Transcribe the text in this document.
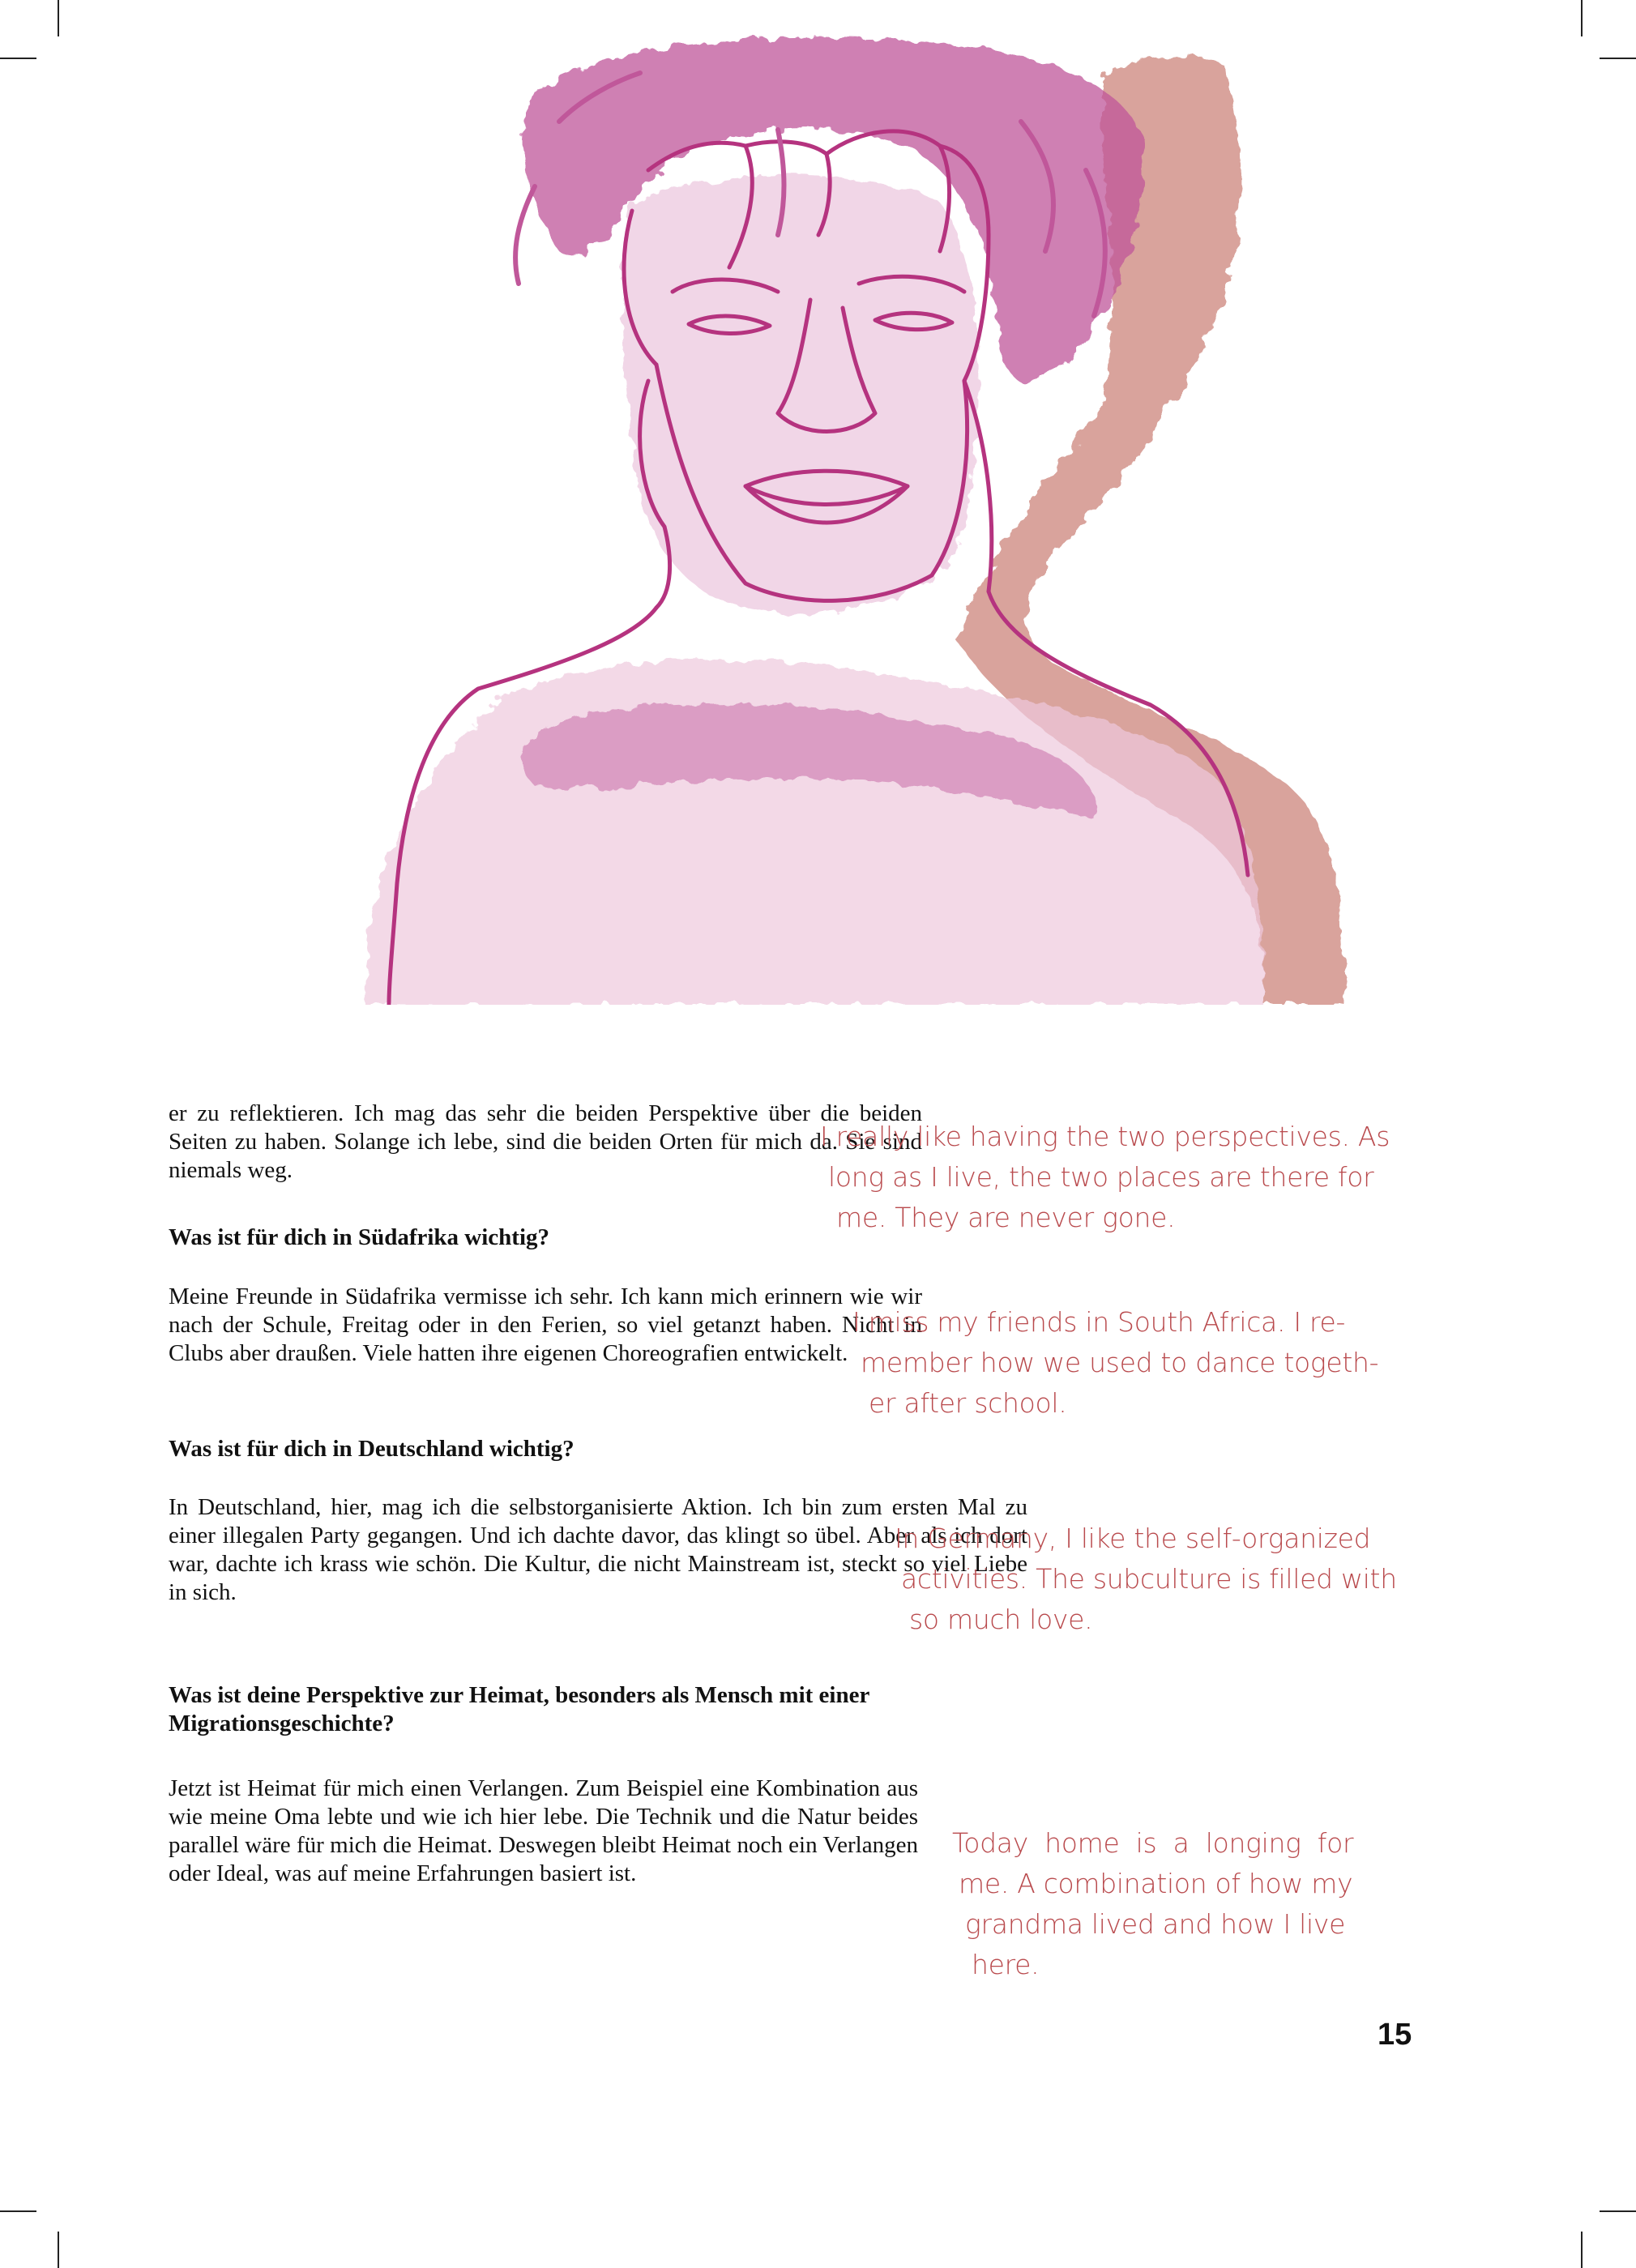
er zu reflektieren. Ich mag das sehr die beiden Perspektive über die beiden Seiten zu haben. Solange ich lebe, sind die beiden Orten für mich da. Sie sind niemals weg.
Was ist für dich in Südafrika wichtig?
Meine Freunde in Südafrika vermisse ich sehr. Ich kann mich erinnern wie wir nach der Schule, Freitag oder in den Ferien, so viel getanzt haben. Nicht in Clubs aber draußen. Viele hatten ihre eigenen Choreografien entwickelt.
Was ist für dich in Deutschland wichtig?
In Deutschland, hier, mag ich die selbstorganisierte Aktion. Ich bin zum ersten Mal zu einer illegalen Party gegangen. Und ich dachte davor, das klingt so übel. Aber als ich dort war, dachte ich krass wie schön. Die Kultur, die nicht Mainstream ist, steckt so viel Liebe in sich.
Was ist deine Perspektive zur Heimat, besonders als Mensch mit einer Migrationsgeschichte?
Jetzt ist Heimat für mich einen Verlangen. Zum Beispiel eine Kombination aus wie meine Oma lebte und wie ich hier lebe. Die Technik und die Natur beides parallel wäre für mich die Heimat. Deswegen bleibt Heimat noch ein Verlangen oder Ideal, was auf meine Erfahrungen basiert ist.
I really like having the two perspectives. As
long as I live, the two places are there for
me. They are never gone.
I miss my friends in South Africa. I re-
member how we used to dance togeth-
er after school.
In Germany, I like the self-organized
activities. The subculture is filled with
so much love.
Today home is a longing for
me. A combination of how my
grandma lived and how I live
here.
15
